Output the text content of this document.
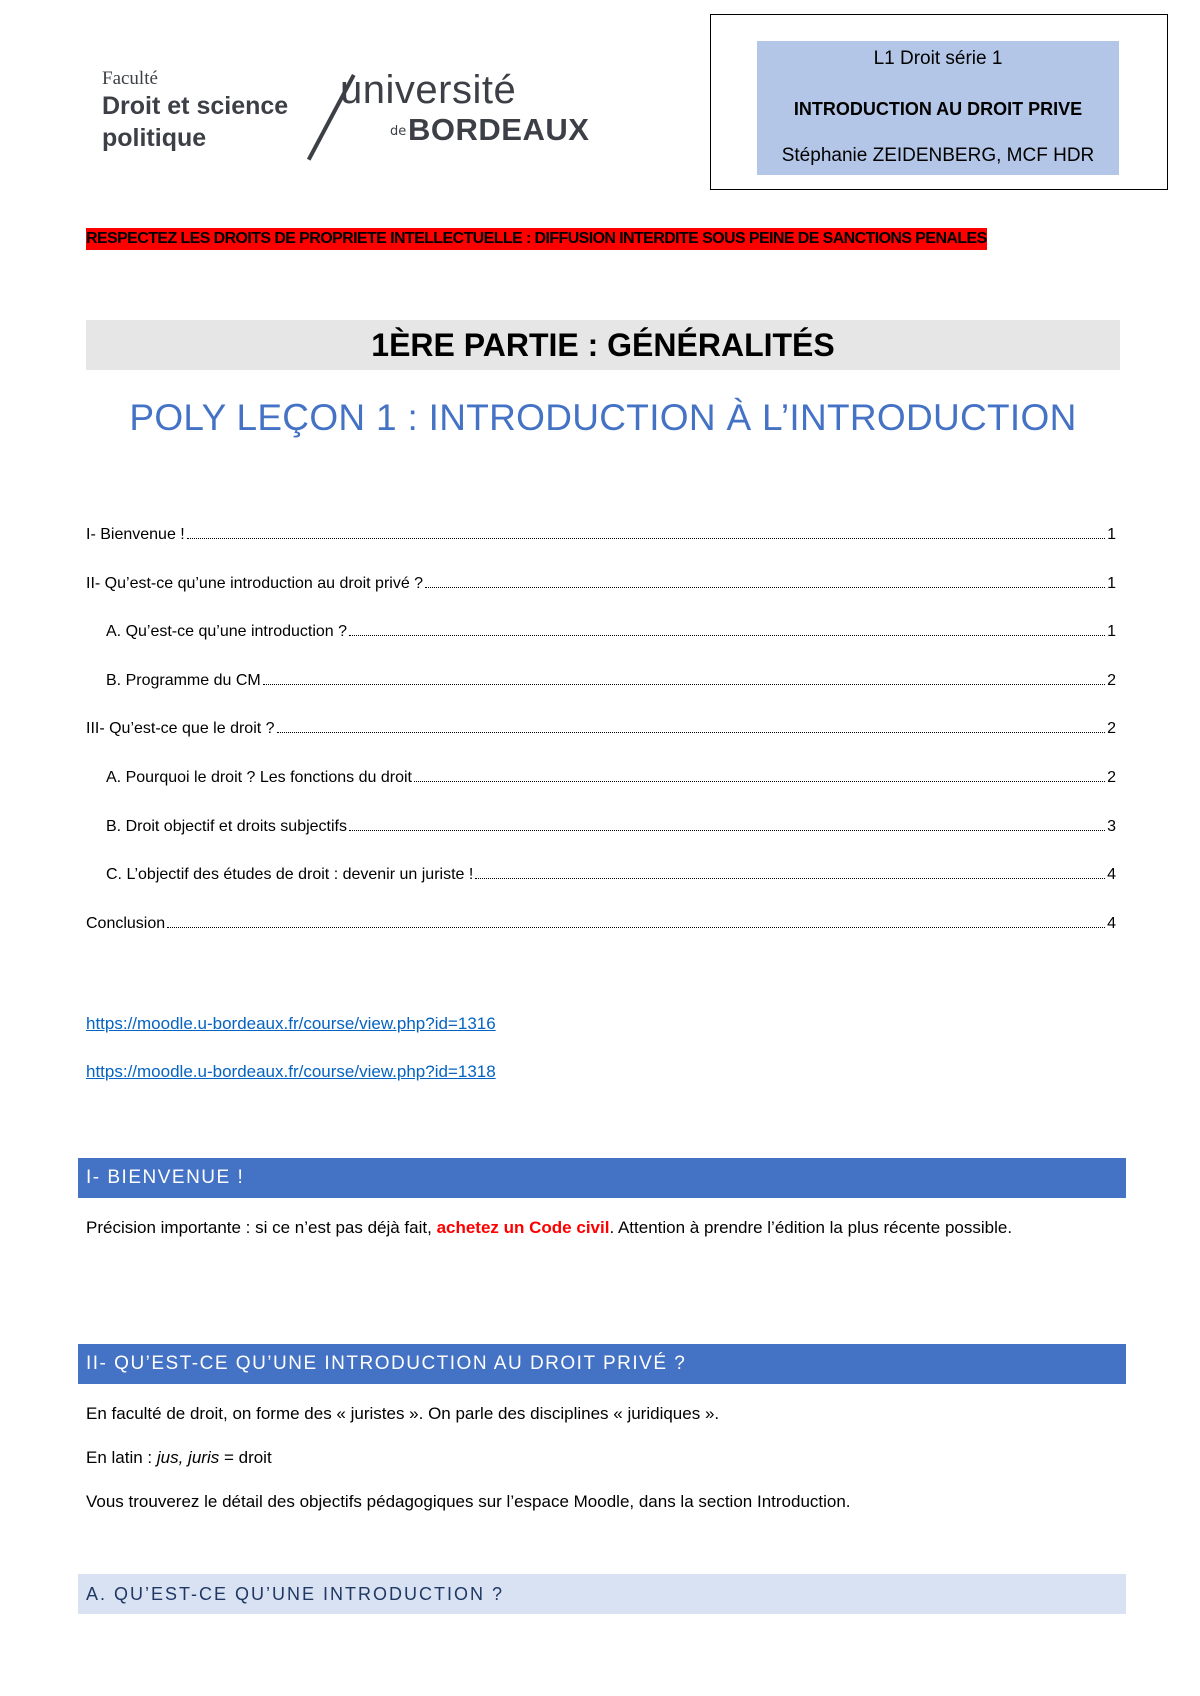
Faculté
Droit et science
politique
université
de BORDEAUX
L1 Droit série 1
INTRODUCTION AU DROIT PRIVE
Stéphanie ZEIDENBERG, MCF HDR
RESPECTEZ LES DROITS DE PROPRIETE INTELLECTUELLE : DIFFUSION INTERDITE SOUS PEINE DE SANCTIONS PENALES
1ÈRE PARTIE : GÉNÉRALITÉS
POLY LEÇON 1 : INTRODUCTION À L’INTRODUCTION
I- Bienvenue !	1
II- Qu’est-ce qu’une introduction au droit privé ?	1
A. Qu’est-ce qu’une introduction ?	1
B. Programme du CM	2
III- Qu’est-ce que le droit ?	2
A. Pourquoi le droit ? Les fonctions du droit	2
B. Droit objectif et droits subjectifs	3
C. L’objectif des études de droit : devenir un juriste !	4
Conclusion	4
https://moodle.u-bordeaux.fr/course/view.php?id=1316
https://moodle.u-bordeaux.fr/course/view.php?id=1318
I- BIENVENUE !
Précision importante : si ce n’est pas déjà fait, achetez un Code civil. Attention à prendre l’édition la plus récente possible.
II- QU’EST-CE QU’UNE INTRODUCTION AU DROIT PRIVÉ ?
En faculté de droit, on forme des « juristes ». On parle des disciplines « juridiques ».
En latin : jus, juris = droit
Vous trouverez le détail des objectifs pédagogiques sur l’espace Moodle, dans la section Introduction.
A. QU’EST-CE QU’UNE INTRODUCTION ?
